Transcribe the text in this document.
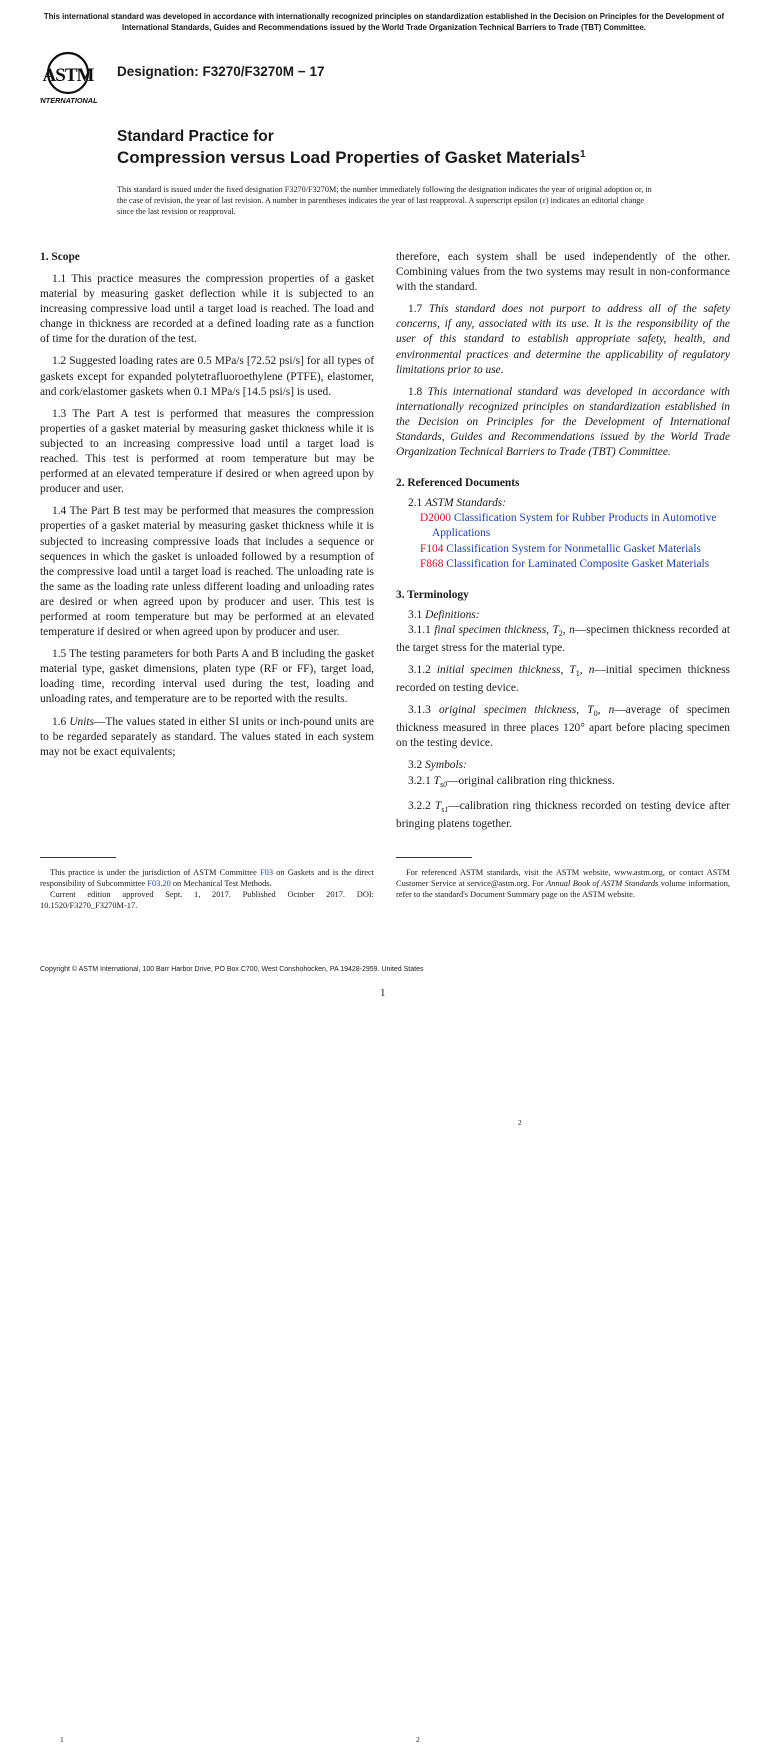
This international standard was developed in accordance with internationally recognized principles on standardization established in the Decision on Principles for the Development of International Standards, Guides and Recommendations issued by the World Trade Organization Technical Barriers to Trade (TBT) Committee.
ASTM
INTERNATIONAL
Designation: F3270/F3270M − 17
Standard Practice for
Compression versus Load Properties of Gasket Materials$^1$
This standard is issued under the fixed designation F3270/F3270M; the number immediately following the designation indicates the year of original adoption or, in the case of revision, the year of last revision. A number in parentheses indicates the year of last reapproval. A superscript epsilon (ε) indicates an editorial change since the last revision or reapproval.
1. Scope

1.1 This practice measures the compression properties of a gasket material by measuring gasket deflection while it is subjected to an increasing compressive load until a target load is reached. The load and change in thickness are recorded at a defined loading rate as a function of time for the duration of the test.

1.2 Suggested loading rates are 0.5 MPa/s [72.52 psi/s] for all types of gaskets except for expanded polytetrafluoroethylene (PTFE), elastomer, and cork/elastomer gaskets when 0.1 MPa/s [14.5 psi/s] is used.

1.3 The Part A test is performed that measures the compression properties of a gasket material by measuring gasket thickness while it is subjected to an increasing compressive load until a target load is reached. This test is performed at room temperature but may be performed at an elevated temperature if desired or when agreed upon by producer and user.

1.4 The Part B test may be performed that measures the compression properties of a gasket material by measuring gasket thickness while it is subjected to increasing compressive loads that includes a sequence or sequences in which the gasket is unloaded followed by a resumption of the compressive load until a target load is reached. The unloading rate is the same as the loading rate unless different loading and unloading rates are desired or when agreed upon by producer and user. This test is performed at room temperature but may be performed at an elevated temperature if desired or when agreed upon by producer and user.

1.5 The testing parameters for both Parts A and B including the gasket material type, gasket dimensions, platen type (RF or FF), target load, loading time, recording interval used during the test, loading and unloading rates, and temperature are to be reported with the results.

1.6 Units—The values stated in either SI units or inch-pound units are to be regarded separately as standard. The values stated in each system may not be exact equivalents;

therefore, each system shall be used independently of the other. Combining values from the two systems may result in non-conformance with the standard.

1.7 This standard does not purport to address all of the safety concerns, if any, associated with its use. It is the responsibility of the user of this standard to establish appropriate safety, health, and environmental practices and determine the applicability of regulatory limitations prior to use.

1.8 This international standard was developed in accordance with internationally recognized principles on standardization established in the Decision on Principles for the Development of International Standards, Guides and Recommendations issued by the World Trade Organization Technical Barriers to Trade (TBT) Committee.

2. Referenced Documents

2.1 ASTM Standards:
2

D2000 Classification System for Rubber Products in Automotive Applications

F104 Classification System for Nonmetallic Gasket Materials

F868 Classification for Laminated Composite Gasket Materials

3. Terminology

3.1 Definitions:

3.1.1 final specimen thickness, $T_2$, n—specimen thickness recorded at the target stress for the material type.

3.1.2 initial specimen thickness, $T_1$, n—initial specimen thickness recorded on testing device.

3.1.3 original specimen thickness, $T_0$, n—average of specimen thickness measured in three places 120° apart before placing specimen on the testing device.

3.2 Symbols:

3.2.1 $T_{s0}—original$ calibration ring thickness.

3.2.2 $T_{s1}—calibration$ ring thickness recorded on testing device after bringing platens together.

1
This practice is under the jurisdiction of ASTM Committee F03 on Gaskets and is the direct responsibility of Subcommittee F03.20 on Mechanical Test Methods.

Current edition approved Sept. 1, 2017. Published October 2017. DOI: 10.1520/F3270_F3270M-17.

2
For referenced ASTM standards, visit the ASTM website, www.astm.org, or contact ASTM Customer Service at service@astm.org. For Annual Book of ASTM Standards volume information, refer to the standard's Document Summary page on the ASTM website.

Copyright © ASTM International, 100 Barr Harbor Drive, PO Box C700, West Conshohocken, PA 19428-2959. United States
1
